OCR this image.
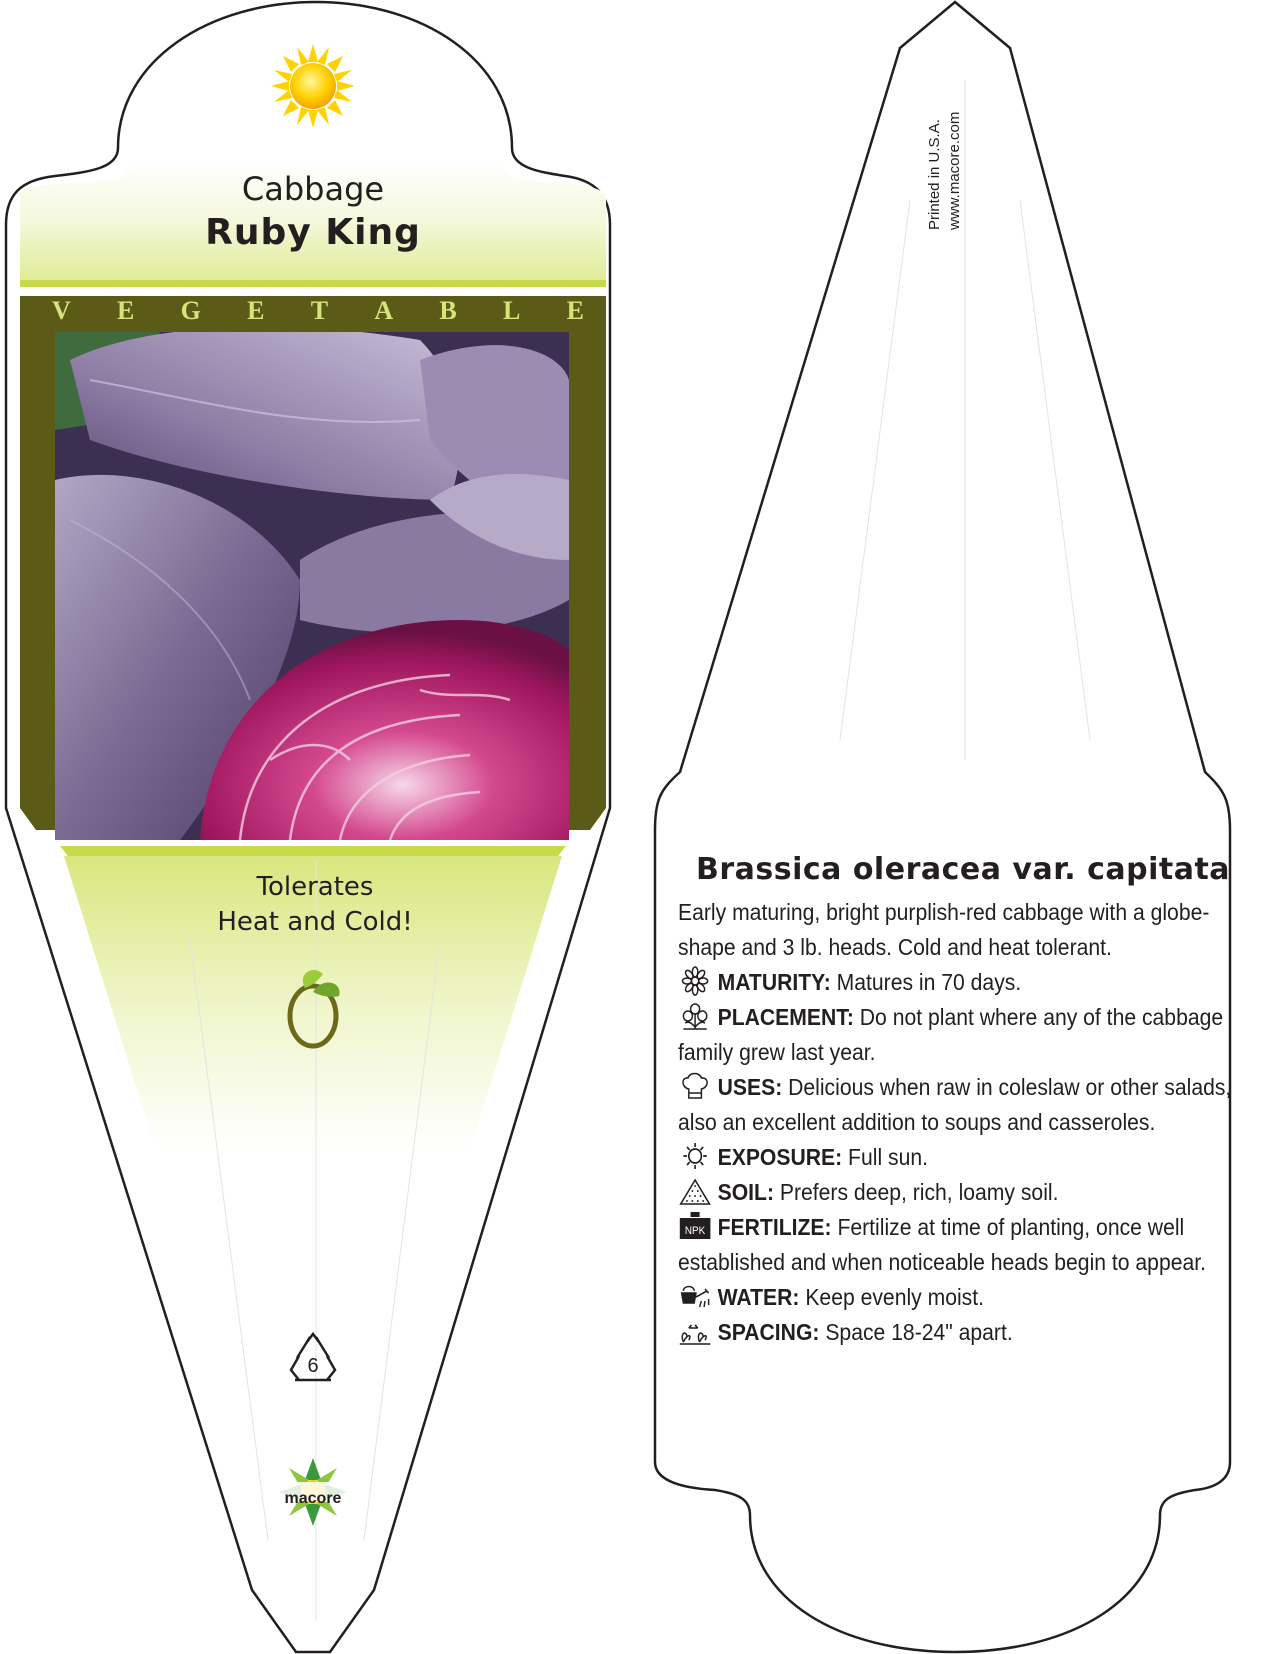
Cabbage
Ruby King
V E G E T A B L E
Tolerates
Heat and Cold!
6
macore
Printed in U.S.A. www.macore.com
Brassica oleracea var. capitata
Early maturing, bright purplish-red cabbage with a globe-shape and 3 lb. heads. Cold and heat tolerant.
MATURITY: Matures in 70 days.
PLACEMENT: Do not plant where any of the cabbage family grew last year.
USES: Delicious when raw in coleslaw or other salads, also an excellent addition to soups and casseroles.
EXPOSURE: Full sun.
SOIL: Prefers deep, rich, loamy soil.
NPK FERTILIZE: Fertilize at time of planting, once well established and when noticeable heads begin to appear.
WATER: Keep evenly moist.
SPACING: Space 18-24" apart.
